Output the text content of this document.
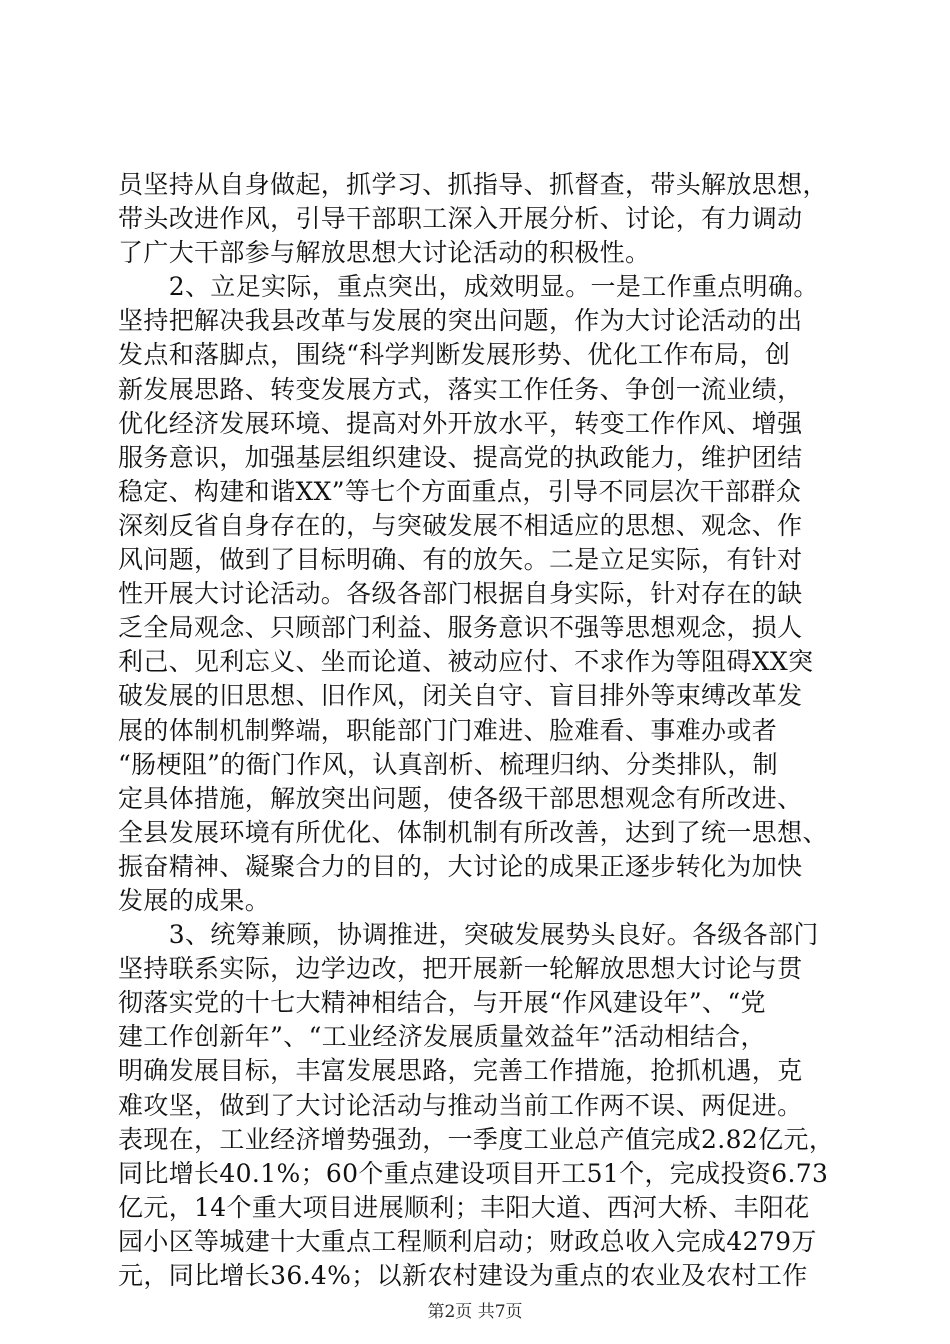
员坚持从自身做起，抓学习、抓指导、抓督查，带头解放思想，
带头改进作风，引导干部职工深入开展分析、讨论，有力调动
了广大干部参与解放思想大讨论活动的积极性。
　　2、立足实际，重点突出，成效明显。一是工作重点明确。
坚持把解决我县改革与发展的突出问题，作为大讨论活动的出
发点和落脚点，围绕“科学判断发展形势、优化工作布局，创
新发展思路、转变发展方式，落实工作任务、争创一流业绩，
优化经济发展环境、提高对外开放水平，转变工作作风、增强
服务意识，加强基层组织建设、提高党的执政能力，维护团结
稳定、构建和谐XX”等七个方面重点，引导不同层次干部群众
深刻反省自身存在的，与突破发展不相适应的思想、观念、作
风问题，做到了目标明确、有的放矢。二是立足实际，有针对
性开展大讨论活动。各级各部门根据自身实际，针对存在的缺
乏全局观念、只顾部门利益、服务意识不强等思想观念，损人
利己、见利忘义、坐而论道、被动应付、不求作为等阻碍XX突
破发展的旧思想、旧作风，闭关自守、盲目排外等束缚改革发
展的体制机制弊端，职能部门门难进、脸难看、事难办或者
“肠梗阻”的衙门作风，认真剖析、梳理归纳、分类排队，制
定具体措施，解放突出问题，使各级干部思想观念有所改进、
全县发展环境有所优化、体制机制有所改善，达到了统一思想、
振奋精神、凝聚合力的目的，大讨论的成果正逐步转化为加快
发展的成果。
　　3、统筹兼顾，协调推进，突破发展势头良好。各级各部门
坚持联系实际，边学边改，把开展新一轮解放思想大讨论与贯
彻落实党的十七大精神相结合，与开展“作风建设年”、“党
建工作创新年”、“工业经济发展质量效益年”活动相结合，
明确发展目标，丰富发展思路，完善工作措施，抢抓机遇，克
难攻坚，做到了大讨论活动与推动当前工作两不误、两促进。
表现在，工业经济增势强劲，一季度工业总产值完成2.82亿元，
同比增长40.1%；60个重点建设项目开工51个，完成投资6.73
亿元，14个重大项目进展顺利；丰阳大道、西河大桥、丰阳花
园小区等城建十大重点工程顺利启动；财政总收入完成4279万
元，同比增长36.4%；以新农村建设为重点的农业及农村工作
第2页 共7页
